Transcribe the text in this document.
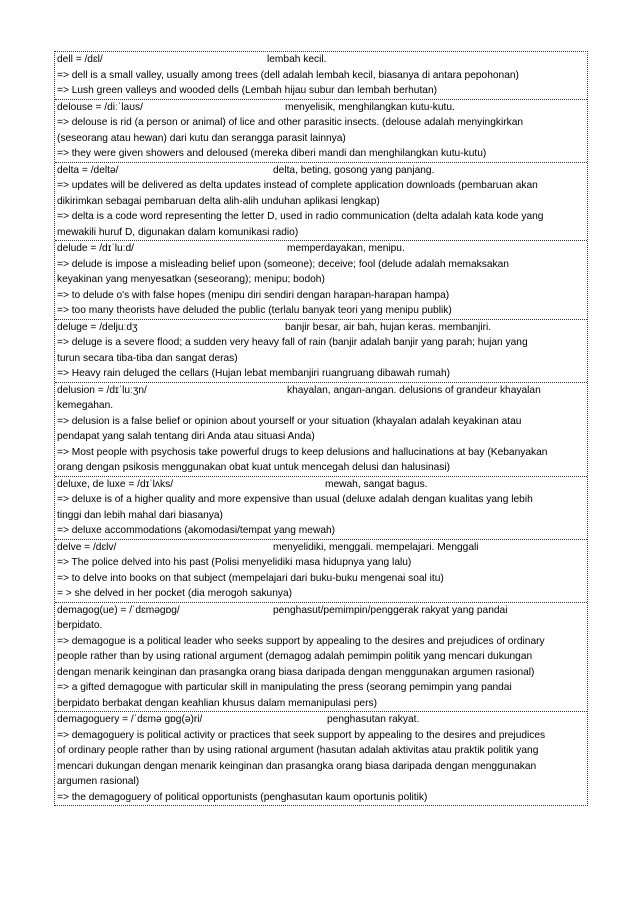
dell = /dɛl/	lembah kecil.
=> dell is a small valley, usually among trees (dell adalah lembah kecil, biasanya di antara pepohonan)
=> Lush green valleys and wooded dells (Lembah hijau subur dan lembah berhutan)
delouse = /diːˈlaʊs/	menyelisik, menghilangkan kutu-kutu.
=> delouse is rid (a person or animal) of lice and other parasitic insects. (delouse adalah menyingkirkan
(seseorang atau hewan) dari kutu dan serangga parasit lainnya)
=> they were given showers and deloused (mereka diberi mandi dan menghilangkan kutu-kutu)
delta = /deltə/	delta, beting, gosong yang panjang.
=> updates will be delivered as delta updates instead of complete application downloads (pembaruan akan
dikirimkan sebagai pembaruan delta alih-alih unduhan aplikasi lengkap)
=> delta is a code word representing the letter D, used in radio communication (delta adalah kata kode yang
mewakili huruf D, digunakan dalam komunikasi radio)
delude = /dɪˈluːd/	memperdayakan, menipu.
=> delude is impose a misleading belief upon (someone); deceive; fool (delude adalah memaksakan
keyakinan yang menyesatkan (seseorang); menipu; bodoh)
=> to delude o's with false hopes (menipu diri sendiri dengan harapan-harapan hampa)
=> too many theorists have deluded the public (terlalu banyak teori yang menipu publik)
deluge = /deljuːdʒ	banjir besar, air bah, hujan keras. membanjiri.
=> deluge is a severe flood; a sudden very heavy fall of rain (banjir adalah banjir yang parah; hujan yang
turun secara tiba-tiba dan sangat deras)
=> Heavy rain deluged the cellars (Hujan lebat membanjiri ruangruang dibawah rumah)
delusion = /dɪˈluːʒn/	khayalan, angan-angan. delusions of grandeur khayalan
kemegahan.
=> delusion is a false belief or opinion about yourself or your situation (khayalan adalah keyakinan atau
pendapat yang salah tentang diri Anda atau situasi Anda)
=> Most people with psychosis take powerful drugs to keep delusions and hallucinations at bay (Kebanyakan
orang dengan psikosis menggunakan obat kuat untuk mencegah delusi dan halusinasi)
deluxe, de luxe = /dɪˈlʌks/	mewah, sangat bagus.
=> deluxe is of a higher quality and more expensive than usual (deluxe adalah dengan kualitas yang lebih
tinggi dan lebih mahal dari biasanya)
=> deluxe accommodations (akomodasi/tempat yang mewah)
delve = /dɛlv/	menyelidiki, menggali. mempelajari. Menggali
=> The police delved into his past (Polisi menyelidiki masa hidupnya yang lalu)
=> to delve into books on that subject (mempelajari dari buku-buku mengenai soal itu)
= > she delved in her pocket (dia merogoh sakunya)
demagog(ue) = /ˈdɛməɡɒɡ/	penghasut/pemimpin/penggerak rakyat yang pandai
berpidato.
=> demagogue is a political leader who seeks support by appealing to the desires and prejudices of ordinary
people rather than by using rational argument (demagog adalah pemimpin politik yang mencari dukungan
dengan menarik keinginan dan prasangka orang biasa daripada dengan menggunakan argumen rasional)
=> a gifted demagogue with particular skill in manipulating the press (seorang pemimpin yang pandai
berpidato berbakat dengan keahlian khusus dalam memanipulasi pers)
demagoguery = /ˈdɛmə ɡɒɡ(ə)ri/	penghasutan rakyat.
=> demagoguery is political activity or practices that seek support by appealing to the desires and prejudices
of ordinary people rather than by using rational argument (hasutan adalah aktivitas atau praktik politik yang
mencari dukungan dengan menarik keinginan dan prasangka orang biasa daripada dengan menggunakan
argumen rasional)
=> the demagoguery of political opportunists (penghasutan kaum oportunis politik)
